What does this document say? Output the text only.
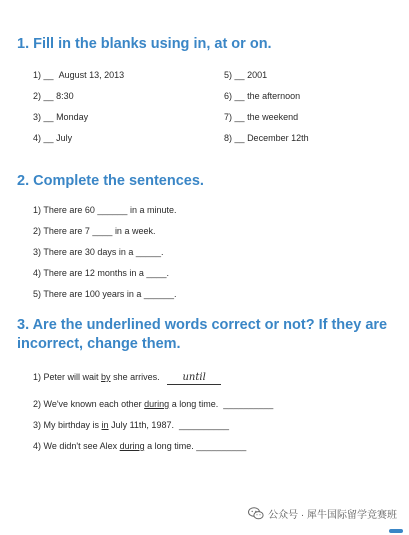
1. Fill in the blanks using in, at or on.
1) __ August 13, 2013
2) __ 8:30
3) __ Monday
4) __ July
5) __ 2001
6) __ the afternoon
7) __ the weekend
8) __ December 12th
2. Complete the sentences.
1) There are 60 ______ in a minute.
2) There are 7 ____ in a week.
3) There are 30 days in a _____.
4) There are 12 months in a ____.
5) There are 100 years in a ______.
3. Are the underlined words correct or not? If they are incorrect, change them.
1) Peter will wait by she arrives. until
2) We've known each other during a long time. __________
3) My birthday is in July 11th, 1987. __________
4) We didn't see Alex during a long time. __________
公众号 · 犀牛国际留学竞赛班
